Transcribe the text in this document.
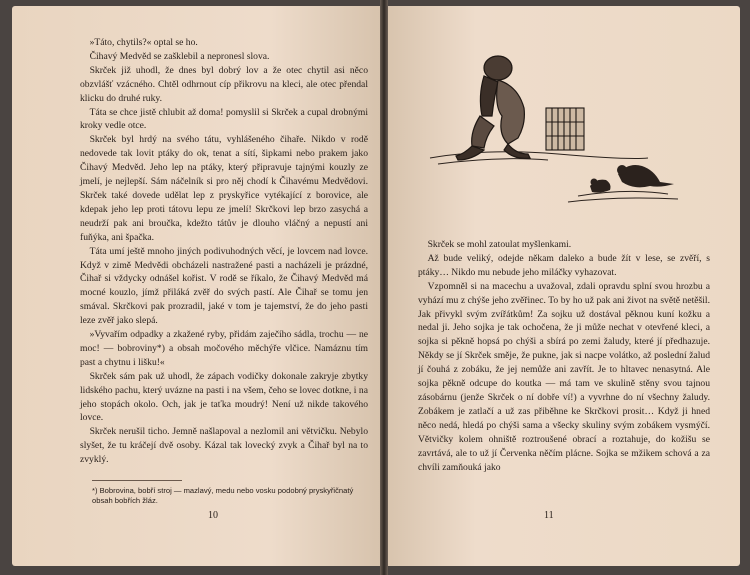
»Táto, chytils?« optal se ho.

Čihavý Medvěd se zašklebil a nepronesl slova.

Skrček již uhodl, že dnes byl dobrý lov a že otec chytil asi něco obzvlášť vzácného. Chtěl odhrnout cíp přikrovu na kleci, ale otec přendal klicku do druhé ruky.

Táta se chce jistě chlubit až doma! pomyslil si Skrček a cupal drobnými kroky vedle otce.

Skrček byl hrdý na svého tátu, vyhlášeného čihaře. Nikdo v rodě nedovede tak lovit ptáky do ok, tenat a sítí, šipkami nebo prakem jako Čihavý Medvěd. Jeho lep na ptáky, který připravuje tajnými kouzly ze jmelí, je nejlepší. Sám náčelník si pro něj chodí k Čihavému Medvědovi. Skrček také dovede udělat lep z pryskyřice vytékající z borovice, ale kdepak jeho lep proti tátovu lepu ze jmelí! Skrčkovi lep brzo zasychá a neudrží pak ani broučka, kdežto tátův je dlouho vláčný a nepustí ani fuňýka, ani špačka.

Táta umí ještě mnoho jiných podivuhodných věcí, je lovcem nad lovce. Když v zimě Medvědi obcházeli nastražené pasti a nacházeli je prázdné, Čihař si vždycky odnášel kořist. V rodě se říkalo, že Čihavý Medvěd má mocné kouzlo, jímž přiláká zvěř do svých pastí. Ale Čihař se tomu jen smával. Skrčkovi pak prozradil, jaké v tom je tajemství, že do jeho pasti leze zvěř jako slepá.

»Vyvařím odpadky a zkažené ryby, přidám zaječího sádla, trochu — ne moc! — bobroviny*) a obsah močového měchýře vlčice. Namáznu tím past a chytnu i lišku!«

Skrček sám pak už uhodl, že zápach vodičky dokonale zakryje zbytky lidského pachu, který uvázne na pasti i na všem, čeho se lovec dotkne, i na jeho stopách okolo. Och, jak je taťka moudrý! Není už nikde takového lovce.

Skrček nerušil ticho. Jemně našlapoval a nezlomil ani větvičku. Nebylo slyšet, že tu kráčejí dvě osoby. Kázal tak lovecký zvyk a Čihař byl na to zvyklý.

*) Bobrovina, bobří stroj — mazlavý, medu nebo vosku podobný pryskyřičnatý obsah bobřích žláz.
10

Skrček se mohl zatoulat myšlenkami.

Až bude veliký, odejde někam daleko a bude žít v lese, se zvěří, s ptáky… Nikdo mu nebude jeho miláčky vyhazovat.

Vzpomněl si na macechu a uvažoval, zdali opravdu splní svou hrozbu a vyhází mu z chýše jeho zvěřinec. To by ho už pak ani život na světě netěšil. Jak přivykl svým zvířátkům! Za sojku už dostával pěknou kuní kožku a nedal ji. Jeho sojka je tak ochočena, že ji může nechat v otevřené kleci, a sojka si pěkně hopsá po chýši a sbírá po zemi žaludy, které jí předhazuje. Někdy se jí Skrček směje, že pukne, jak si nacpe volátko, až poslední žalud jí čouhá z zobáku, že jej nemůže ani zavřít. Je to hltavec nenasytná. Ale sojka pěkně odcupe do koutka — má tam ve skulině stěny svou tajnou zásobárnu (jenže Skrček o ní dobře ví!) a vyvrhne do ní všechny žaludy. Zobákem je zatlačí a už zas přiběhne ke Skrčkovi prosit… Když ji hned něco nedá, hledá po chýši sama a všecky skuliny svým zobákem vysmýčí. Větvičky kolem ohniště roztroušené obrací a roztahuje, do kožišu se zavrtává, ale to už jí Červenka něčím plácne. Sojka se mžikem schová a za chvíli zamňouká jako

11
